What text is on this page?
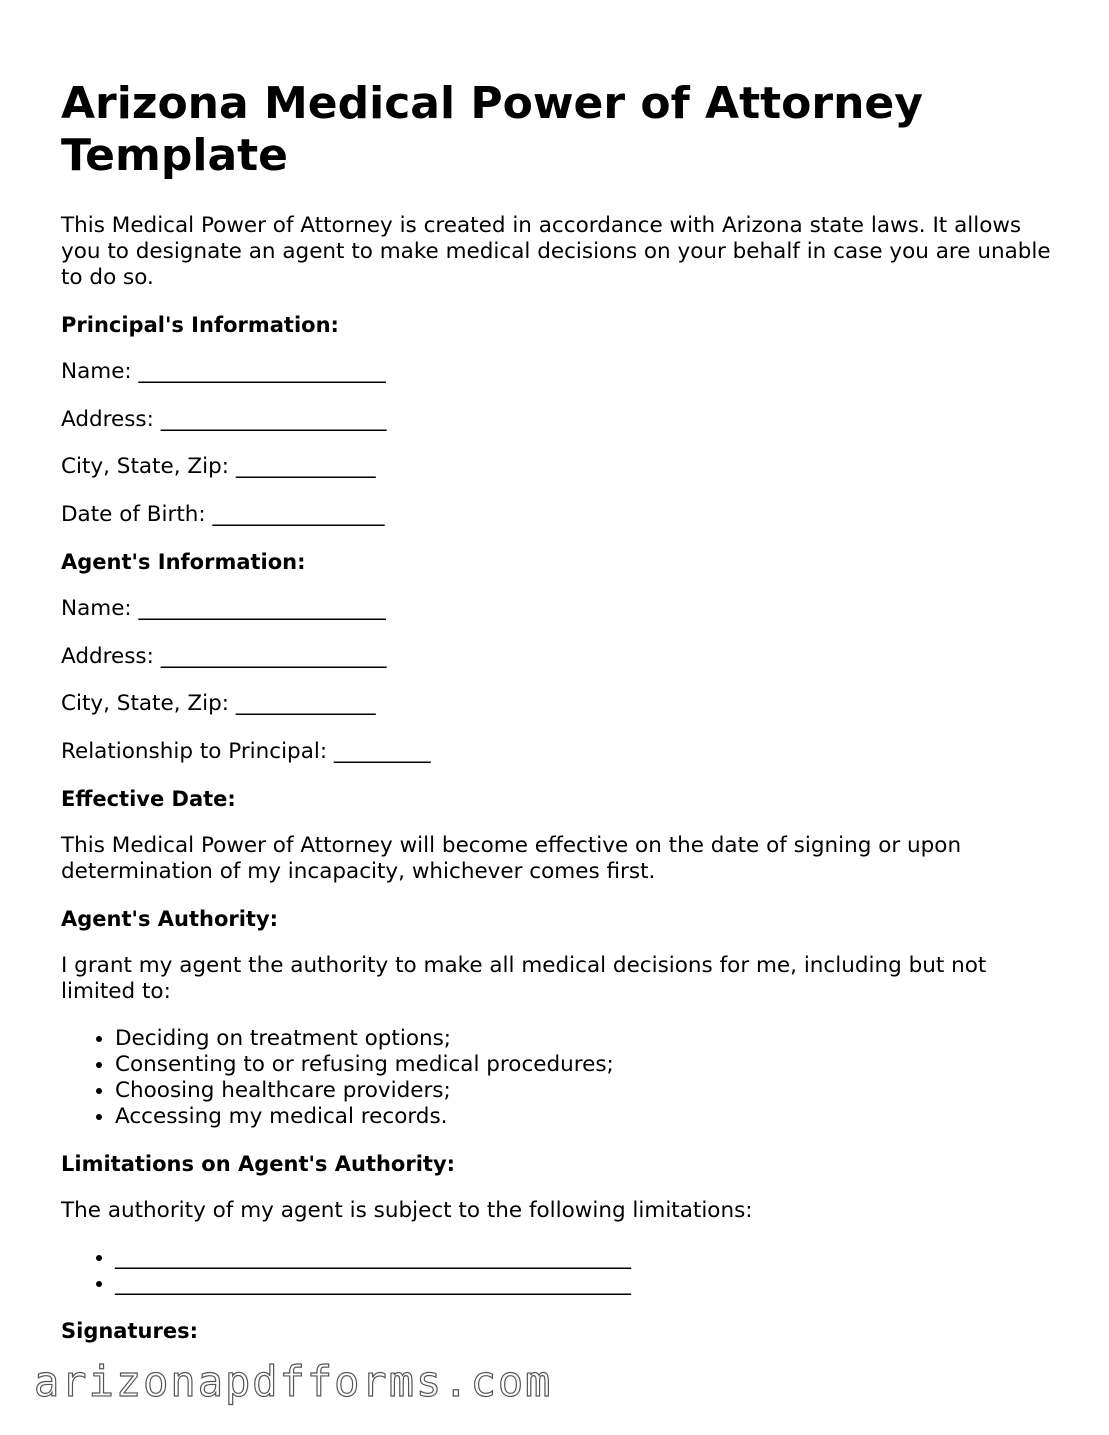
Arizona Medical Power of Attorney Template

This Medical Power of Attorney is created in accordance with Arizona state laws. It allows you to designate an agent to make medical decisions on your behalf in case you are unable to do so.

Principal's Information:
Name: _______________________
Address: _____________________
City, State, Zip: _____________
Date of Birth: ________________
Agent's Information:
Name: _______________________
Address: _____________________
City, State, Zip: _____________
Relationship to Principal: _________
Effective Date:

This Medical Power of Attorney will become effective on the date of signing or upon determination of my incapacity, whichever comes first.

Agent's Authority:

I grant my agent the authority to make all medical decisions for me, including but not limited to:

• Deciding on treatment options;
• Consenting to or refusing medical procedures;
• Choosing healthcare providers;
• Accessing my medical records.
Limitations on Agent's Authority:

The authority of my agent is subject to the following limitations:

• ________________________________________________
• ________________________________________________
Signatures:
arizonapdfforms.com
